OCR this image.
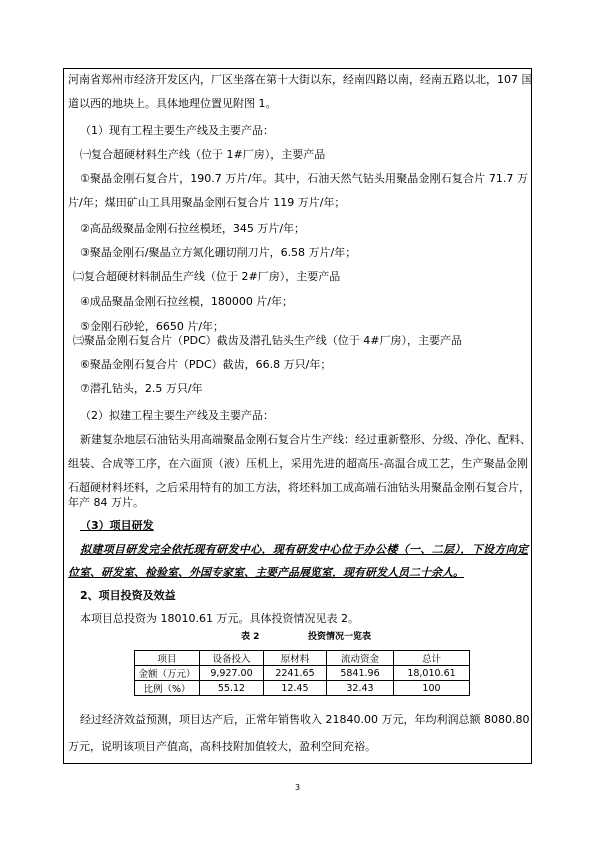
河南省郑州市经济开发区内，厂区坐落在第十大街以东，经南四路以南，经南五路以北，107 国
道以西的地块上。具体地理位置见附图 1。
（1）现有工程主要生产线及主要产品：
㈠复合超硬材料生产线（位于 1#厂房），主要产品
①聚晶金刚石复合片，190.7 万片/年。其中，石油天然气钻头用聚晶金刚石复合片 71.7 万
片/年；煤田矿山工具用聚晶金刚石复合片 119 万片/年；
②高品级聚晶金刚石拉丝模坯，345 万片/年；
③聚晶金刚石/聚晶立方氮化硼切削刀片，6.58 万片/年；
㈡复合超硬材料制品生产线（位于 2#厂房），主要产品
④成品聚晶金刚石拉丝模，180000 片/年；
⑤金刚石砂轮，6650 片/年；
㈢聚晶金刚石复合片（PDC）截齿及潜孔钻头生产线（位于 4#厂房），主要产品
⑥聚晶金刚石复合片（PDC）截齿，66.8 万只/年；
⑦潜孔钻头，2.5 万只/年
（2）拟建工程主要生产线及主要产品：
新建复杂地层石油钻头用高端聚晶金刚石复合片生产线：经过重新整形、分级、净化、配料、
组装、合成等工序，在六面顶（液）压机上，采用先进的超高压-高温合成工艺，生产聚晶金刚
石超硬材料坯料，之后采用特有的加工方法，将坯料加工成高端石油钻头用聚晶金刚石复合片，
年产 84 万片。
（3）项目研发
拟建项目研发完全依托现有研发中心，现有研发中心位于办公楼（一、二层），下设方向定
位室、研发室、检验室、外国专家室、主要产品展览室，现有研发人员二十余人。
2、项目投资及效益
本项目总投资为 18010.61 万元。具体投资情况见表 2。
表 2	投资情况一览表
项目	设备投入	原材料	流动资金	总计
金额（万元）	9,927.00	2241.65	5841.96	18,010.61
比例（%）	55.12	12.45	32.43	100
经过经济效益预测，项目达产后，正常年销售收入 21840.00 万元，年均利润总额 8080.80
万元，说明该项目产值高，高科技附加值较大，盈利空间充裕。
3
